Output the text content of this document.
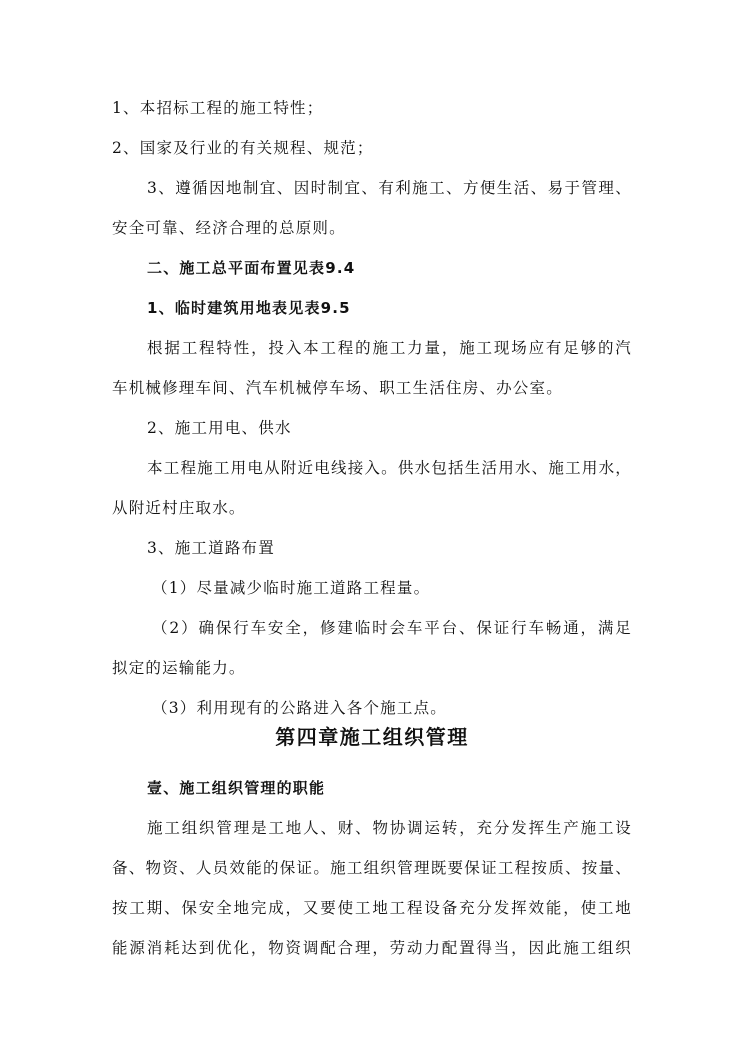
1、本招标工程的施工特性；
2、国家及行业的有关规程、规范；
3、遵循因地制宜、因时制宜、有利施工、方便生活、易于管理、
安全可靠、经济合理的总原则。
二、施工总平面布置见表9.4
1、临时建筑用地表见表9.5
根据工程特性，投入本工程的施工力量，施工现场应有足够的汽
车机械修理车间、汽车机械停车场、职工生活住房、办公室。
2、施工用电、供水
本工程施工用电从附近电线接入。供水包括生活用水、施工用水，
从附近村庄取水。
3、施工道路布置
（1）尽量减少临时施工道路工程量。
（2）确保行车安全，修建临时会车平台、保证行车畅通，满足
拟定的运输能力。
（3）利用现有的公路进入各个施工点。
第四章施工组织管理
壹、施工组织管理的职能
施工组织管理是工地人、财、物协调运转，充分发挥生产施工设
备、物资、人员效能的保证。施工组织管理既要保证工程按质、按量、
按工期、保安全地完成，又要使工地工程设备充分发挥效能，使工地
能源消耗达到优化，物资调配合理，劳动力配置得当，因此施工组织
